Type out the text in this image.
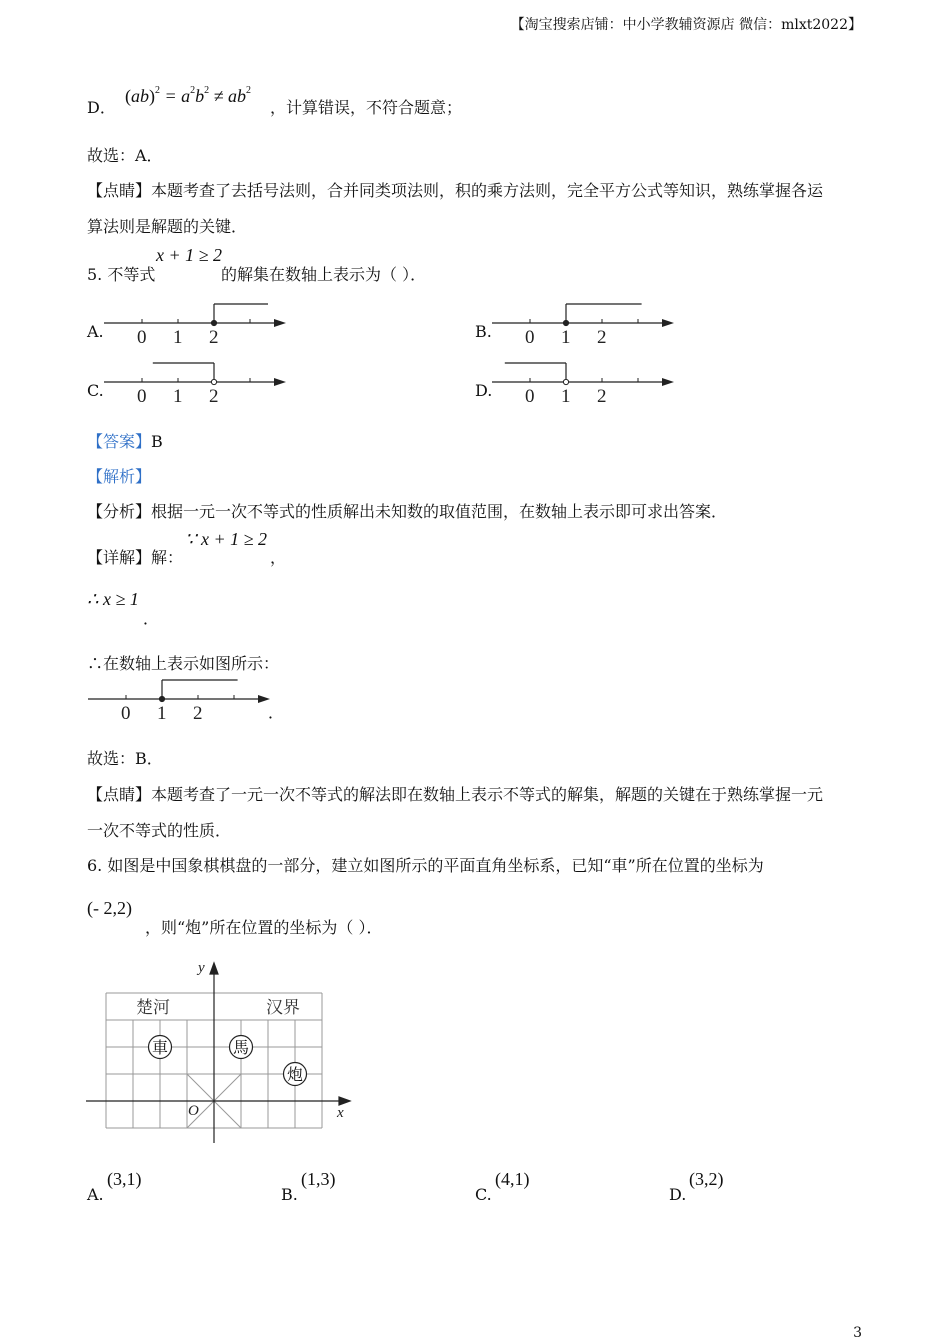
【淘宝搜索店铺：中小学教辅资源店 微信：mlxt2022】
D．
$(ab)^2 = a^2b^2 \ne ab^2$
，计算错误，不符合题意；
故选：A．
【点睛】本题考查了去括号法则，合并同类项法则，积的乘方法则，完全平方公式等知识，熟练掌握各运
算法则是解题的关键．
5. 不等式
x + 1 ≥ 2
的解集在数轴上表示为（ ）．
A. 0 1 2	B. 0 1 2
C. 0 1 2	D. 0 1 2
【答案】B
【解析】
【分析】根据一元一次不等式的性质解出未知数的取值范围，在数轴上表示即可求出答案．
【详解】解：
∵ x + 1 ≥ 2
，
∴ x ≥ 1
．
∴在数轴上表示如图所示：
0 1 2	．
故选：B．
【点睛】本题考查了一元一次不等式的解法即在数轴上表示不等式的解集，解题的关键在于熟练掌握一元
一次不等式的性质．
6. 如图是中国象棋棋盘的一部分，建立如图所示的平面直角坐标系，已知“車”所在位置的坐标为
(- 2,2)
，则“炮”所在位置的坐标为（ ）．
楚河	汉界
車	馬
炮
x
y
O
A.
(3,1)
B.
(1,3)
C.
(4,1)
D.
(3,2)
3
